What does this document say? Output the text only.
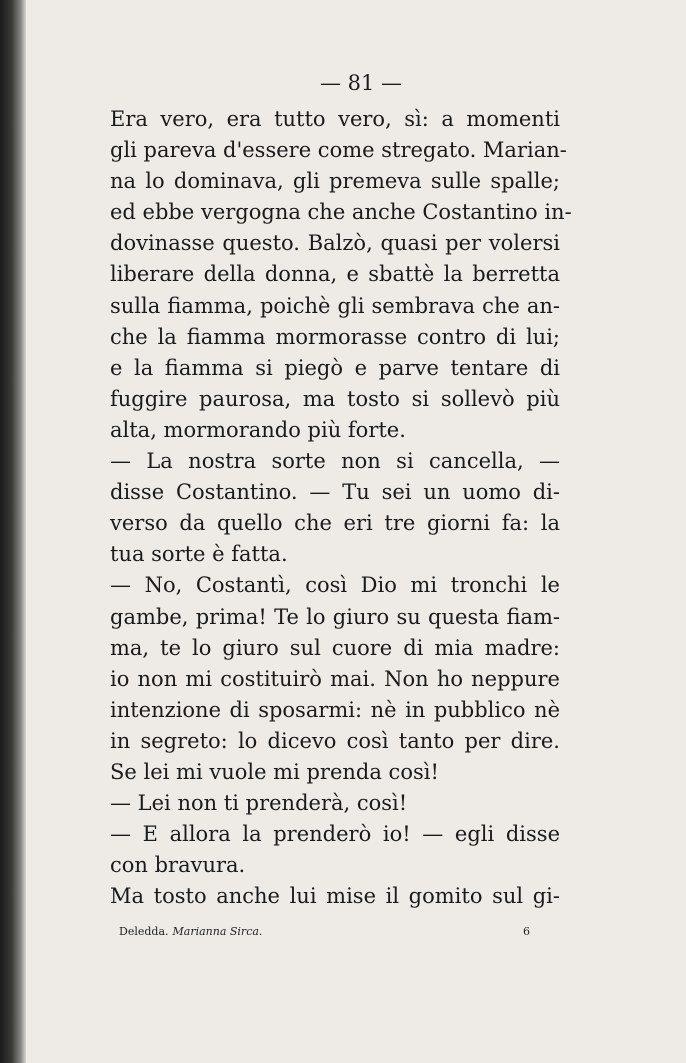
— 81 —
Era vero, era tutto vero, sì: a momenti
gli pareva d'essere come stregato. Marian-
na lo dominava, gli premeva sulle spalle;
ed ebbe vergogna che anche Costantino in-
dovinasse questo. Balzò, quasi per volersi
liberare della donna, e sbattè la berretta
sulla fiamma, poichè gli sembrava che an-
che la fiamma mormorasse contro di lui;
e la fiamma si piegò e parve tentare di
fuggire paurosa, ma tosto si sollevò più
alta, mormorando più forte.
— La nostra sorte non si cancella, —
disse Costantino. — Tu sei un uomo di-
verso da quello che eri tre giorni fa: la
tua sorte è fatta.
— No, Costantì, così Dio mi tronchi le
gambe, prima! Te lo giuro su questa fiam-
ma, te lo giuro sul cuore di mia madre:
io non mi costituirò mai. Non ho neppure
intenzione di sposarmi: nè in pubblico nè
in segreto: lo dicevo così tanto per dire.
Se lei mi vuole mi prenda così!
— Lei non ti prenderà, così!
— E allora la prenderò io! — egli disse
con bravura.
Ma tosto anche lui mise il gomito sul gi-
Deledda. Marianna Sirca.	6
